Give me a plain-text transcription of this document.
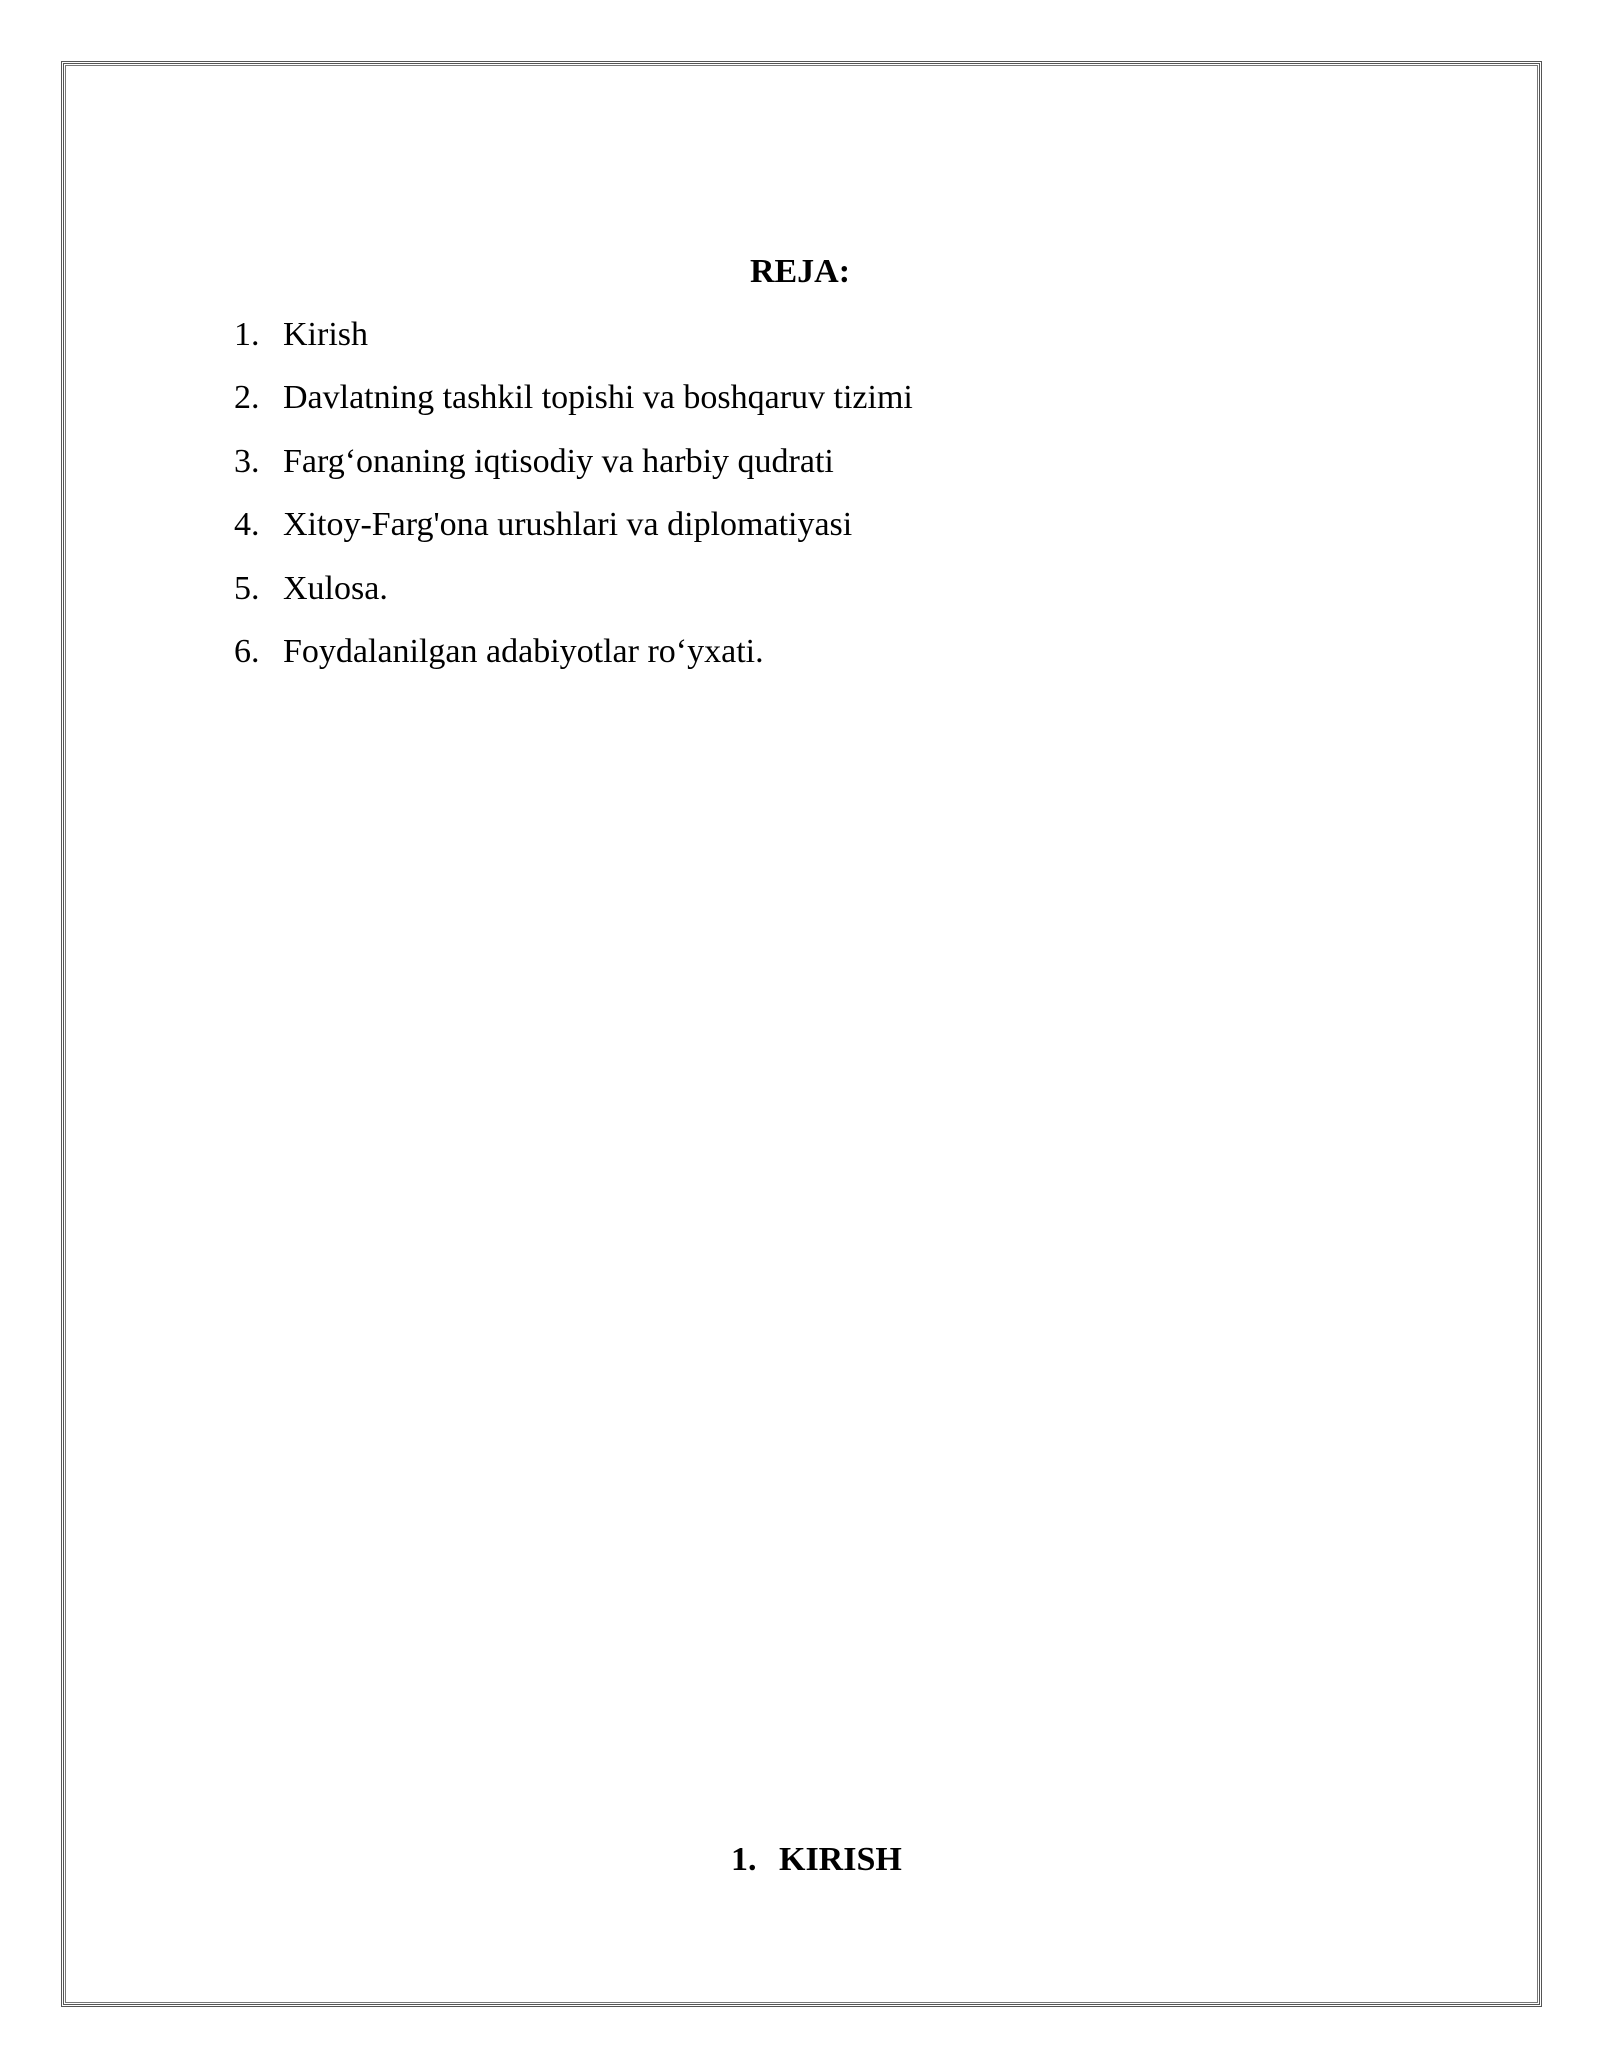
REJA:
1. Kirish
2. Davlatning tashkil topishi va boshqaruv tizimi
3. Farg‘onaning iqtisodiy va harbiy qudrati
4. Xitoy-Farg'ona urushlari va diplomatiyasi
5. Xulosa.
6. Foydalanilgan adabiyotlar ro‘yxati.
1. KIRISH
